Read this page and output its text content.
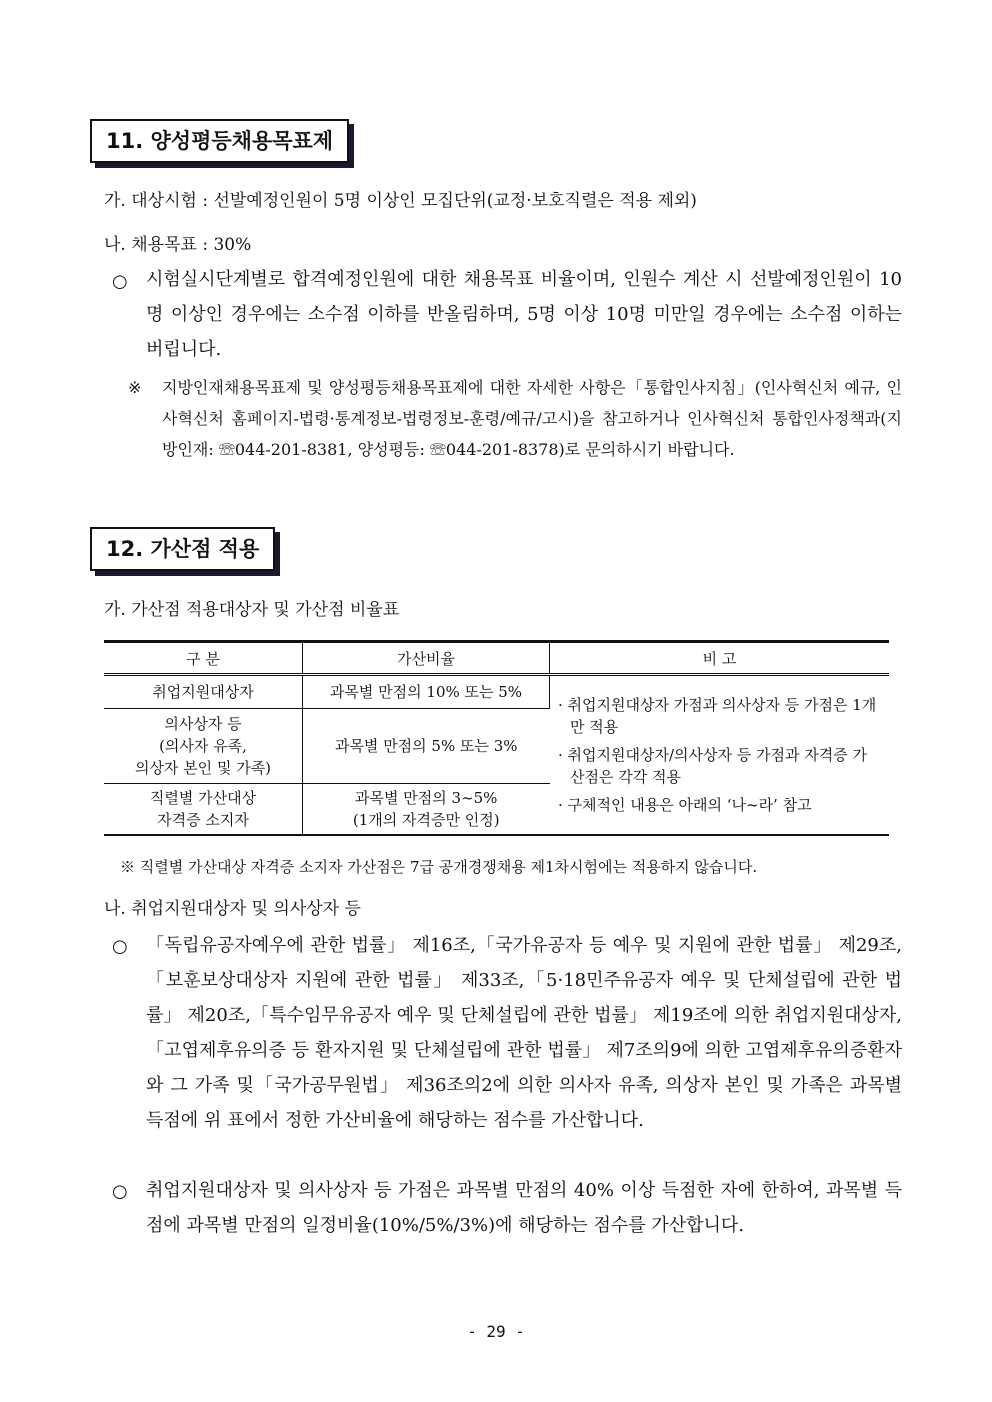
11. 양성평등채용목표제
가. 대상시험 : 선발예정인원이 5명 이상인 모집단위(교정·보호직렬은 적용 제외)
나. 채용목표 : 30%
○ 시험실시단계별로 합격예정인원에 대한 채용목표 비율이며, 인원수 계산 시 선발예정인원이 10명 이상인 경우에는 소수점 이하를 반올림하며, 5명 이상 10명 미만일 경우에는 소수점 이하는 버립니다.
※ 지방인재채용목표제 및 양성평등채용목표제에 대한 자세한 사항은「통합인사지침」(인사혁신처 예규, 인사혁신처 홈페이지-법령·통계정보-법령정보-훈령/예규/고시)을 참고하거나 인사혁신처 통합인사정책과(지방인재: ☏044-201-8381, 양성평등: ☏044-201-8378)로 문의하시기 바랍니다.
12. 가산점 적용
가. 가산점 적용대상자 및 가산점 비율표
구 분	가산비율	비 고
취업지원대상자	과목별 만점의 10% 또는 5%	· 취업지원대상자 가점과 의사상자 등 가점은 1개만 적용
· 취업지원대상자/의사상자 등 가점과 자격증 가산점은 각각 적용
· 구체적인 내용은 아래의 ‘나~라’ 참고

의사상자 등
(의사자 유족,
의상자 본인 및 가족)	과목별 만점의 5% 또는 3%	
직렬별 가산대상
자격증 소지자	과목별 만점의 3~5%
(1개의 자격증만 인정)	
※ 직렬별 가산대상 자격증 소지자 가산점은 7급 공개경쟁채용 제1차시험에는 적용하지 않습니다.
나. 취업지원대상자 및 의사상자 등
○ 「독립유공자예우에 관한 법률」 제16조,「국가유공자 등 예우 및 지원에 관한 법률」 제29조,「보훈보상대상자 지원에 관한 법률」 제33조,「5·18민주유공자 예우 및 단체설립에 관한 법률」 제20조,「특수임무유공자 예우 및 단체설립에 관한 법률」 제19조에 의한 취업지원대상자,「고엽제후유의증 등 환자지원 및 단체설립에 관한 법률」 제7조의9에 의한 고엽제후유의증환자와 그 가족 및「국가공무원법」 제36조의2에 의한 의사자 유족, 의상자 본인 및 가족은 과목별 득점에 위 표에서 정한 가산비율에 해당하는 점수를 가산합니다.
○ 취업지원대상자 및 의사상자 등 가점은 과목별 만점의 40% 이상 득점한 자에 한하여, 과목별 득점에 과목별 만점의 일정비율(10%/5%/3%)에 해당하는 점수를 가산합니다.
- 29 -
